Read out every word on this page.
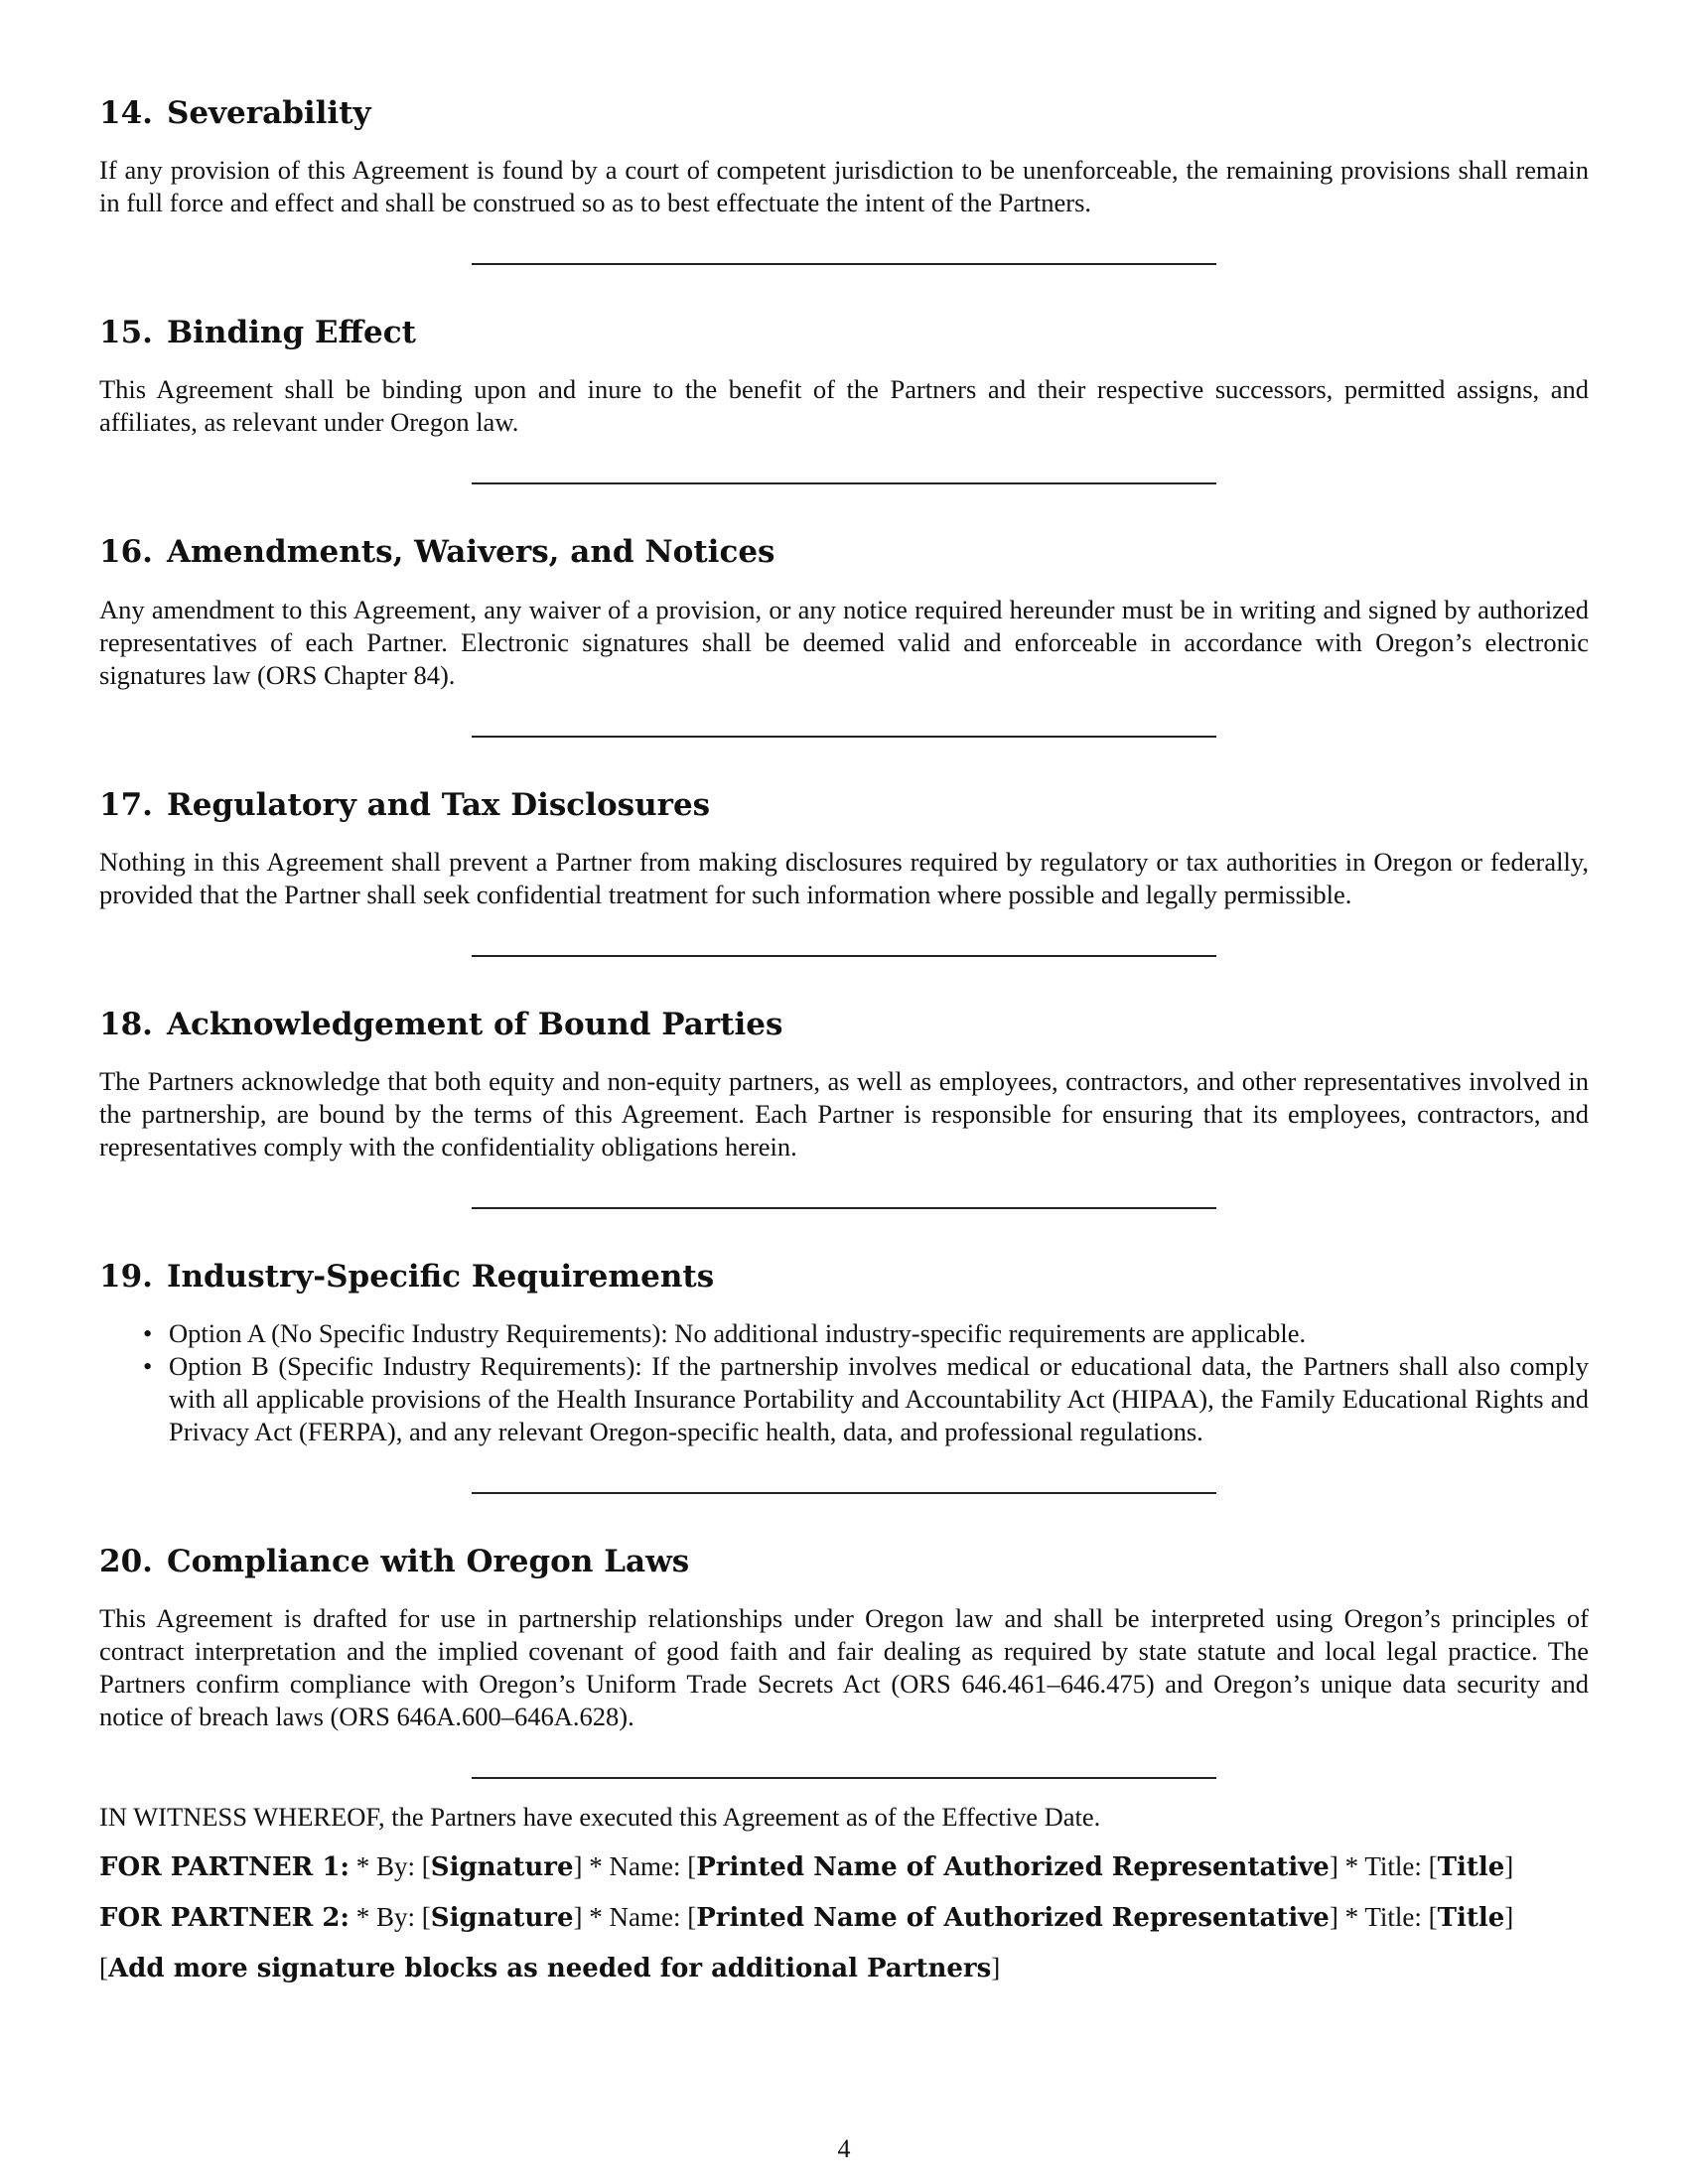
14. Severability

If any provision of this Agreement is found by a court of competent jurisdiction to be unenforceable, the remaining provisions shall remain in full force and effect and shall be construed so as to best effectuate the intent of the Partners.

15. Binding Effect

This Agreement shall be binding upon and inure to the benefit of the Partners and their respective successors, permitted assigns, and affiliates, as relevant under Oregon law.

16. Amendments, Waivers, and Notices

Any amendment to this Agreement, any waiver of a provision, or any notice required hereunder must be in writing and signed by authorized representatives of each Partner. Electronic signatures shall be deemed valid and enforceable in accordance with Oregon’s electronic signatures law (ORS Chapter 84).

17. Regulatory and Tax Disclosures

Nothing in this Agreement shall prevent a Partner from making disclosures required by regulatory or tax authorities in Oregon or federally, provided that the Partner shall seek confidential treatment for such information where possible and legally permissible.

18. Acknowledgement of Bound Parties

The Partners acknowledge that both equity and non-equity partners, as well as employees, contractors, and other representatives involved in the partnership, are bound by the terms of this Agreement. Each Partner is responsible for ensuring that its employees, contractors, and representatives comply with the confidentiality obligations herein.

19. Industry-Specific Requirements
• Option A (No Specific Industry Requirements): No additional industry-specific requirements are applicable.
• Option B (Specific Industry Requirements): If the partnership involves medical or educational data, the Partners shall also comply with all applicable provisions of the Health Insurance Portability and Accountability Act (HIPAA), the Family Educational Rights and Privacy Act (FERPA), and any relevant Oregon-specific health, data, and professional regulations.
20. Compliance with Oregon Laws

This Agreement is drafted for use in partnership relationships under Oregon law and shall be interpreted using Oregon’s principles of contract interpretation and the implied covenant of good faith and fair dealing as required by state statute and local legal practice. The Partners confirm compliance with Oregon’s Uniform Trade Secrets Act (ORS 646.461–646.475) and Oregon’s unique data security and notice of breach laws (ORS 646A.600–646A.628).

IN WITNESS WHEREOF, the Partners have executed this Agreement as of the Effective Date.

FOR PARTNER 1: * By: [Signature] * Name: [Printed Name of Authorized Representative] * Title: [Title]

FOR PARTNER 2: * By: [Signature] * Name: [Printed Name of Authorized Representative] * Title: [Title]

[Add more signature blocks as needed for additional Partners]

4
